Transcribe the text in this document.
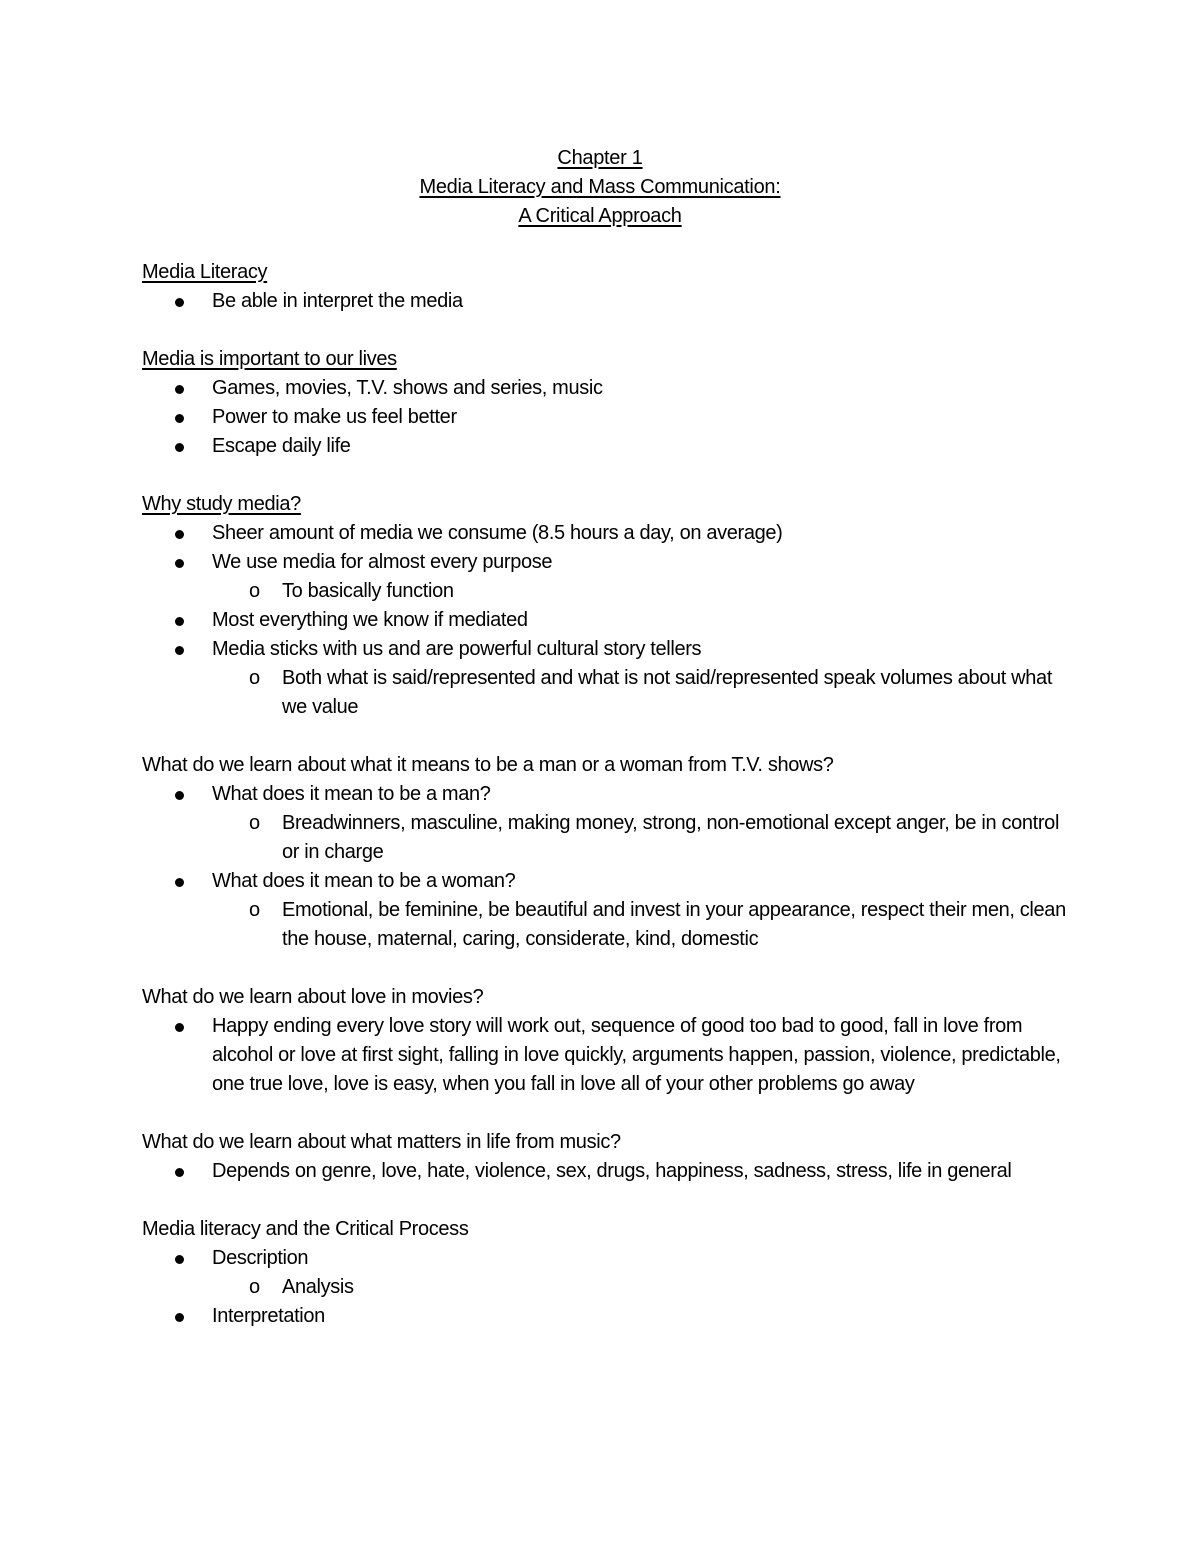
Chapter 1
Media Literacy and Mass Communication:
A Critical Approach
Media Literacy
Be able in interpret the media
Media is important to our lives
Games, movies, T.V. shows and series, music
Power to make us feel better
Escape daily life
Why study media?
Sheer amount of media we consume (8.5 hours a day, on average)
We use media for almost every purpose
o To basically function
Most everything we know if mediated
Media sticks with us and are powerful cultural story tellers
o Both what is said/represented and what is not said/represented speak volumes about what we value
What do we learn about what it means to be a man or a woman from T.V. shows?
What does it mean to be a man?
o Breadwinners, masculine, making money, strong, non-emotional except anger, be in control or in charge
What does it mean to be a woman?
o Emotional, be feminine, be beautiful and invest in your appearance, respect their men, clean the house, maternal, caring, considerate, kind, domestic
What do we learn about love in movies?
Happy ending every love story will work out, sequence of good too bad to good, fall in love from alcohol or love at first sight, falling in love quickly, arguments happen, passion, violence, predictable, one true love, love is easy, when you fall in love all of your other problems go away
What do we learn about what matters in life from music?
Depends on genre, love, hate, violence, sex, drugs, happiness, sadness, stress, life in general
Media literacy and the Critical Process
Description
o Analysis
Interpretation
